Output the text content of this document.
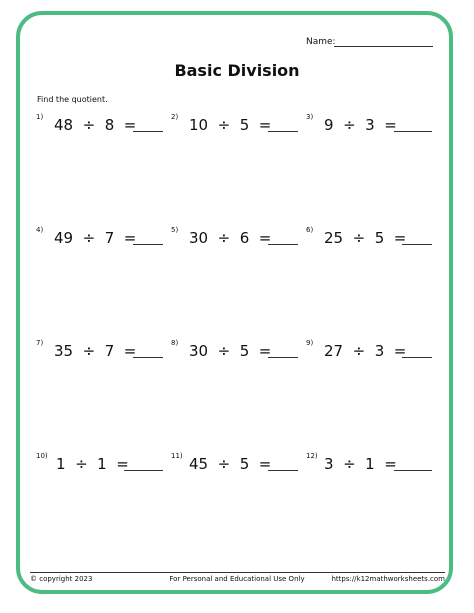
Name:
Basic Division
Find the quotient.
1) 48  ÷  8  =	2) 10  ÷  5  =	3) 9  ÷  3  =
4) 49  ÷  7  =	5) 30  ÷  6  =	6) 25  ÷  5  =
7) 35  ÷  7  =	8) 30  ÷  5  =	9) 27  ÷  3  =
10) 1  ÷  1  =	11) 45  ÷  5  =	12) 3  ÷  1  =
© copyright 2023	For Personal and Educational Use Only	https://k12mathworksheets.com
